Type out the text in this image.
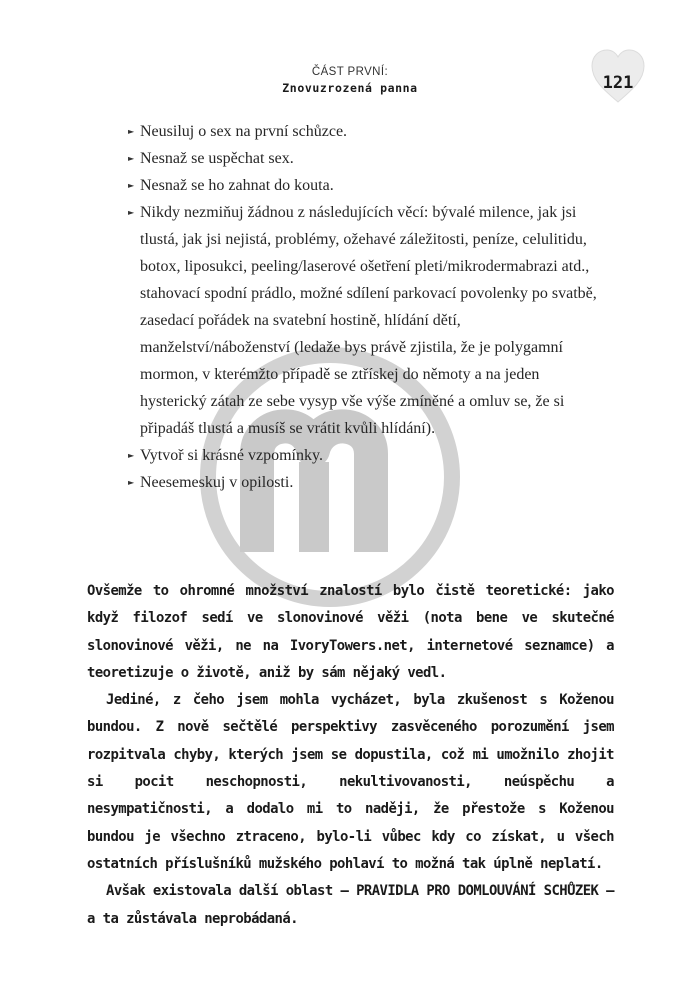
ČÁST PRVNÍ:
Znovuzrozená panna	121
► Neusiluj o sex na první schůzce.
► Nesnaž se uspěchat sex.
► Nesnaž se ho zahnat do kouta.
► Nikdy nezmiňuj žádnou z následujících věcí: bývalé milence, jak jsi tlustá, jak jsi nejistá, problémy, ožehavé záležitosti, peníze, celulitidu, botox, liposukci, peeling/laserové ošetření pleti/mikrodermabrazi atd., stahovací spodní prádlo, možné sdílení parkovací povolenky po svatbě, zasedací pořádek na svatební hostině, hlídání dětí, manželství/náboženství (ledaže bys právě zjistila, že je polygamní mormon, v kterémžto případě se ztřískej do němoty a na jeden hysterický zátah ze sebe vysyp vše výše zmíněné a omluv se, že si připadáš tlustá a musíš se vrátit kvůli hlídání).
► Vytvoř si krásné vzpomínky.
► Neesemeskuj v opilosti.

Ovšemže to ohromné množství znalostí bylo čistě teoretické: jako když filozof sedí ve slonovinové věži (nota bene ve skutečné slonovinové věži, ne na IvoryTowers.net, internetové seznamce) a teoretizuje o životě, aniž by sám nějaký vedl.

Jediné, z čeho jsem mohla vycházet, byla zkušenost s Koženou bundou. Z nově sečtělé perspektivy zasvěceného porozumění jsem rozpitvala chyby, kterých jsem se dopustila, což mi umožnilo zhojit si pocit neschopnosti, nekultivovanosti, neúspěchu a nesympatičnosti, a dodalo mi to naději, že přestože s Koženou bundou je všechno ztraceno, bylo-li vůbec kdy co získat, u všech ostatních příslušníků mužského pohlaví to možná tak úplně neplatí.

Avšak existovala další oblast – PRAVIDLA PRO DOMLOUVÁNÍ SCHŮZEK – a ta zůstávala neprobádaná.
